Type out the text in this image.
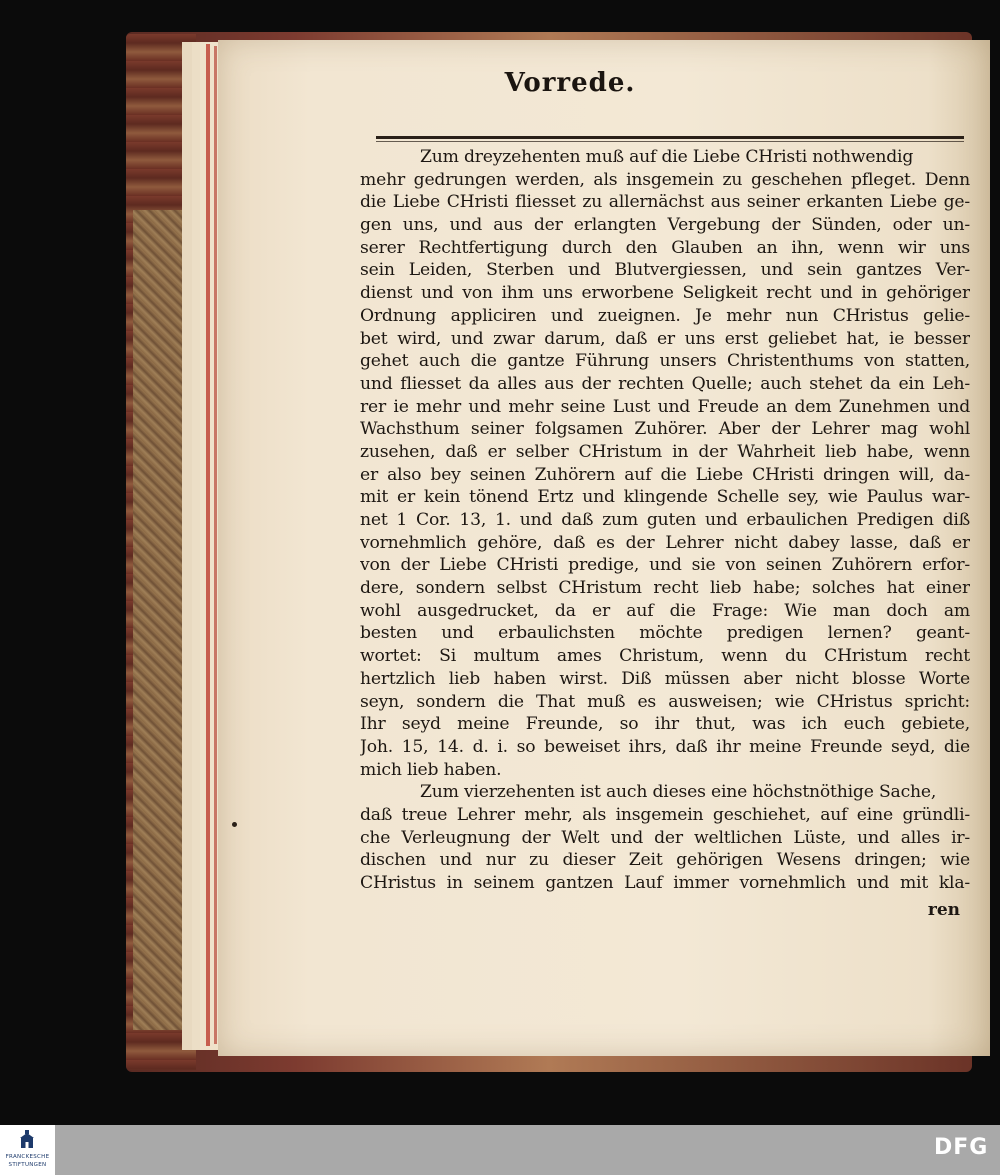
Vorrede.
Zum dreyzehenten muß auf die Liebe CHristi nothwendig
mehr gedrungen werden, als insgemein zu geschehen pfleget. Denn
die Liebe CHristi fliesset zu allernächst aus seiner erkanten Liebe ge-
gen uns, und aus der erlangten Vergebung der Sünden, oder un-
serer Rechtfertigung durch den Glauben an ihn, wenn wir uns
sein Leiden, Sterben und Blutvergiessen, und sein gantzes Ver-
dienst und von ihm uns erworbene Seligkeit recht und in gehöriger
Ordnung appliciren und zueignen. Je mehr nun CHristus gelie-
bet wird, und zwar darum, daß er uns erst geliebet hat, ie besser
gehet auch die gantze Führung unsers Christenthums von statten,
und fliesset da alles aus der rechten Quelle; auch stehet da ein Leh-
rer ie mehr und mehr seine Lust und Freude an dem Zunehmen und
Wachsthum seiner folgsamen Zuhörer. Aber der Lehrer mag wohl
zusehen, daß er selber CHristum in der Wahrheit lieb habe, wenn
er also bey seinen Zuhörern auf die Liebe CHristi dringen will, da-
mit er kein tönend Ertz und klingende Schelle sey, wie Paulus war-
net 1 Cor. 13, 1. und daß zum guten und erbaulichen Predigen diß
vornehmlich gehöre, daß es der Lehrer nicht dabey lasse, daß er
von der Liebe CHristi predige, und sie von seinen Zuhörern erfor-
dere, sondern selbst CHristum recht lieb habe; solches hat einer
wohl ausgedrucket, da er auf die Frage: Wie man doch am
besten und erbaulichsten möchte predigen lernen? geant-
wortet: Si multum ames Christum, wenn du CHristum recht
hertzlich lieb haben wirst. Diß müssen aber nicht blosse Worte
seyn, sondern die That muß es ausweisen; wie CHristus spricht:
Ihr seyd meine Freunde, so ihr thut, was ich euch gebiete,
Joh. 15, 14. d. i. so beweiset ihrs, daß ihr meine Freunde seyd, die
mich lieb haben.
Zum vierzehenten ist auch dieses eine höchstnöthige Sache,
daß treue Lehrer mehr, als insgemein geschiehet, auf eine gründli-
che Verleugnung der Welt und der weltlichen Lüste, und alles ir-
dischen und nur zu dieser Zeit gehörigen Wesens dringen; wie
CHristus in seinem gantzen Lauf immer vornehmlich und mit kla-
ren
FRANCKESCHE
STIFTUNGEN
DFG
